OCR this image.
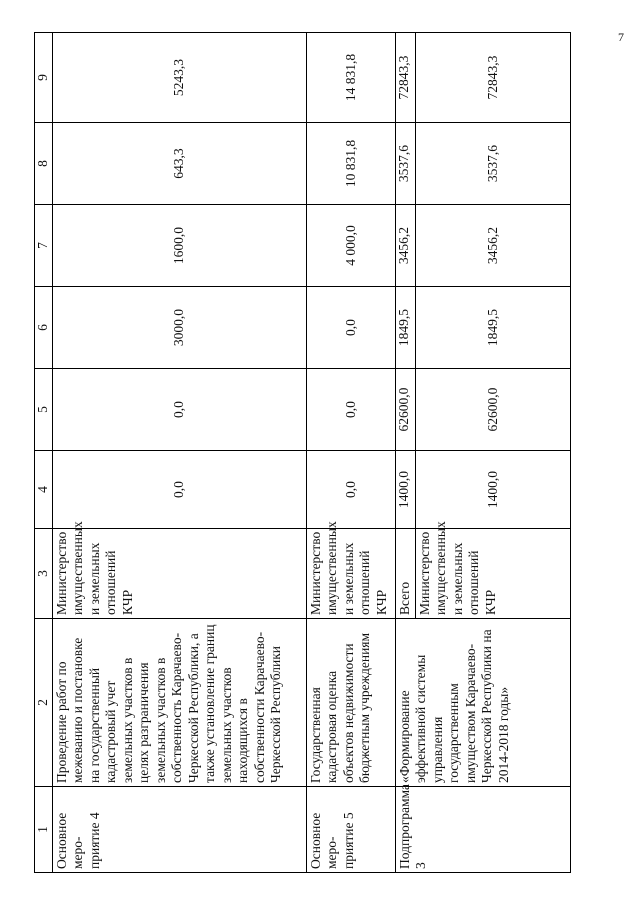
7
1	2	3	4	5	6	7	8	9
Основное меро-приятие 4	Проведение работ по межеванию и постановке на государственный кадастровый учет земельных участков в целях разграничения земельных участков в собственность Карачаево-Черкесской Республики, а также установление границ земельных участков находящихся в собственности Карачаево-Черкесской Республики	Министерство имущественных и земельных отношений КЧР	0,0	0,0	3000,0	1600,0	643,3	5243,3
Основное меро-приятие 5	Государственная кадастровая оценка объектов недвижимости бюджетным учреждениям	Министерство имущественных и земельных отношений КЧР	0,0	0,0	0,0	4 000,0	10 831,8	14 831,8
Подпрограмма 3	«Формирование эффективной системы управления государственным имуществом Карачаево-Черкесской Республики на 2014-2018 годы»	Всего	1400,0	62600,0	1849,5	3456,2	3537,6	72843,3
		Министерство имущественных и земельных отношений КЧР	1400,0	62600,0	1849,5	3456,2	3537,6	72843,3
